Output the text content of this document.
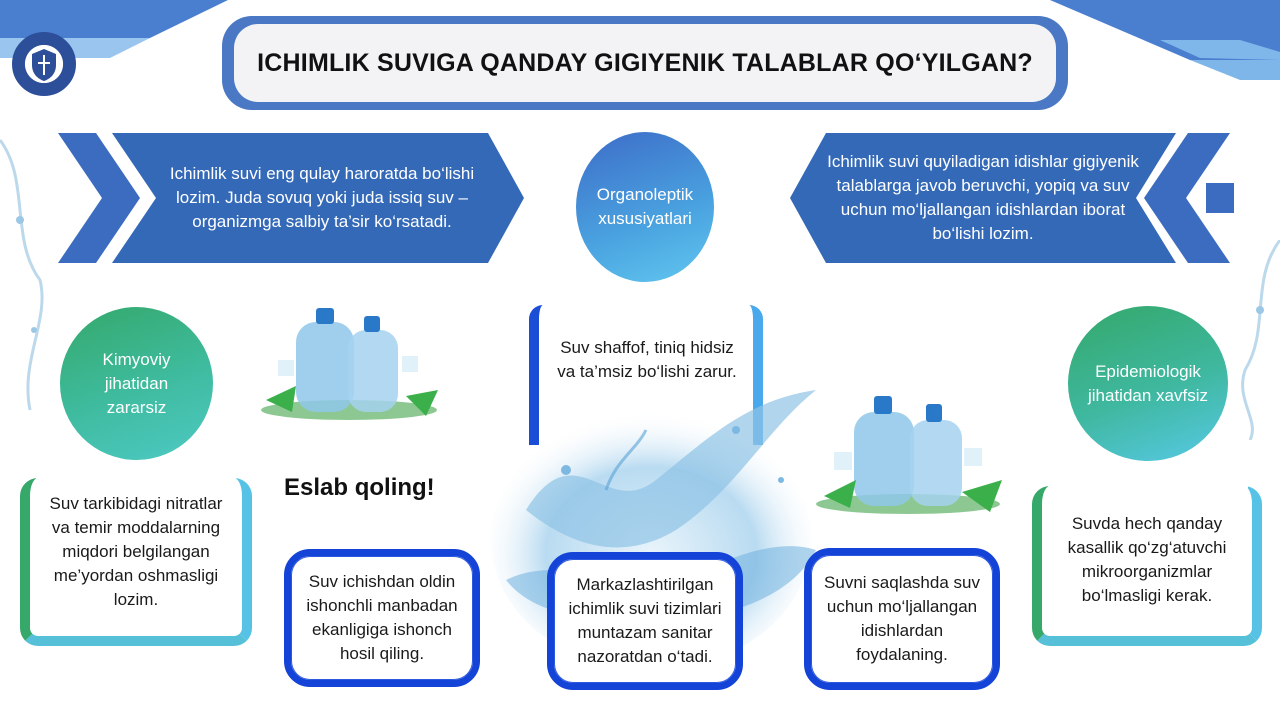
ICHIMLIK SUVIGA QANDAY GIGIYENIK TALABLAR QO‘YILGAN?
Ichimlik suvi eng qulay haroratda bo‘lishi lozim. Juda sovuq yoki juda issiq suv – organizmga salbiy ta’sir ko‘rsatadi.
Ichimlik suvi quyiladigan idishlar gigiyenik talablarga javob beruvchi, yopiq va suv uchun mo‘ljallangan idishlardan iborat bo‘lishi lozim.
Suv shaffof, tiniq hidsiz va ta’msiz bo‘lishi zarur.
Organoleptik xususiyatlari
Kimyoviy jihatidan zararsiz
Epidemiologik jihatidan xavfsiz
Suv tarkibidagi nitratlar va temir moddalarning miqdori belgilangan me’yordan oshmasligi lozim.
Suvda hech qanday kasallik qo‘zg‘atuvchi mikroorganizmlar bo‘lmasligi kerak.
Eslab qoling!
Suv ichishdan oldin ishonchli manbadan ekanligiga ishonch hosil qiling.
Markazlashtirilgan ichimlik suvi tizimlari muntazam sanitar nazoratdan o‘tadi.
Suvni saqlashda suv uchun mo‘ljallangan idishlardan foydalaning.
